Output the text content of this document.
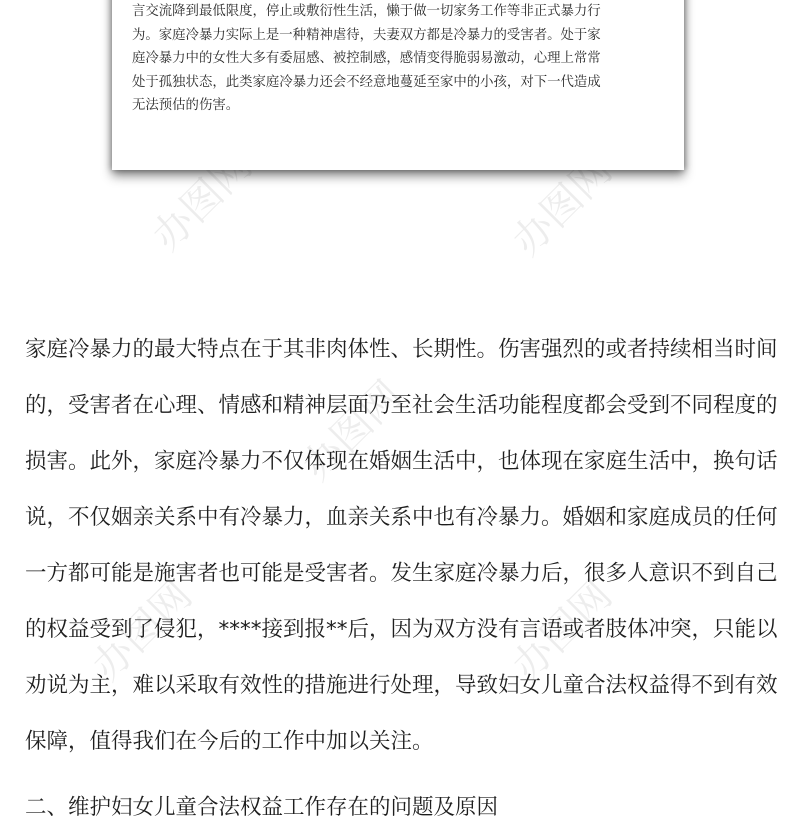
办图网	办图网
办图网
办图网	办图网
言交流降到最低限度，停止或敷衍性生活，懒于做一切家务工作等非正式暴力行
为。家庭冷暴力实际上是一种精神虐待，夫妻双方都是冷暴力的受害者。处于家
庭冷暴力中的女性大多有委屈感、被控制感，感情变得脆弱易激动，心理上常常
处于孤独状态，此类家庭冷暴力还会不经意地蔓延至家中的小孩，对下一代造成
无法预估的伤害。
家庭冷暴力的最大特点在于其非肉体性、长期性。伤害强烈的或者持续相当时间
的，受害者在心理、情感和精神层面乃至社会生活功能程度都会受到不同程度的
损害。此外，家庭冷暴力不仅体现在婚姻生活中，也体现在家庭生活中，换句话
说，不仅姻亲关系中有冷暴力，血亲关系中也有冷暴力。婚姻和家庭成员的任何
一方都可能是施害者也可能是受害者。发生家庭冷暴力后，很多人意识不到自己
的权益受到了侵犯，****接到报**后，因为双方没有言语或者肢体冲突，只能以
劝说为主，难以采取有效性的措施进行处理，导致妇女儿童合法权益得不到有效
保障，值得我们在今后的工作中加以关注。
二、维护妇女儿童合法权益工作存在的问题及原因
